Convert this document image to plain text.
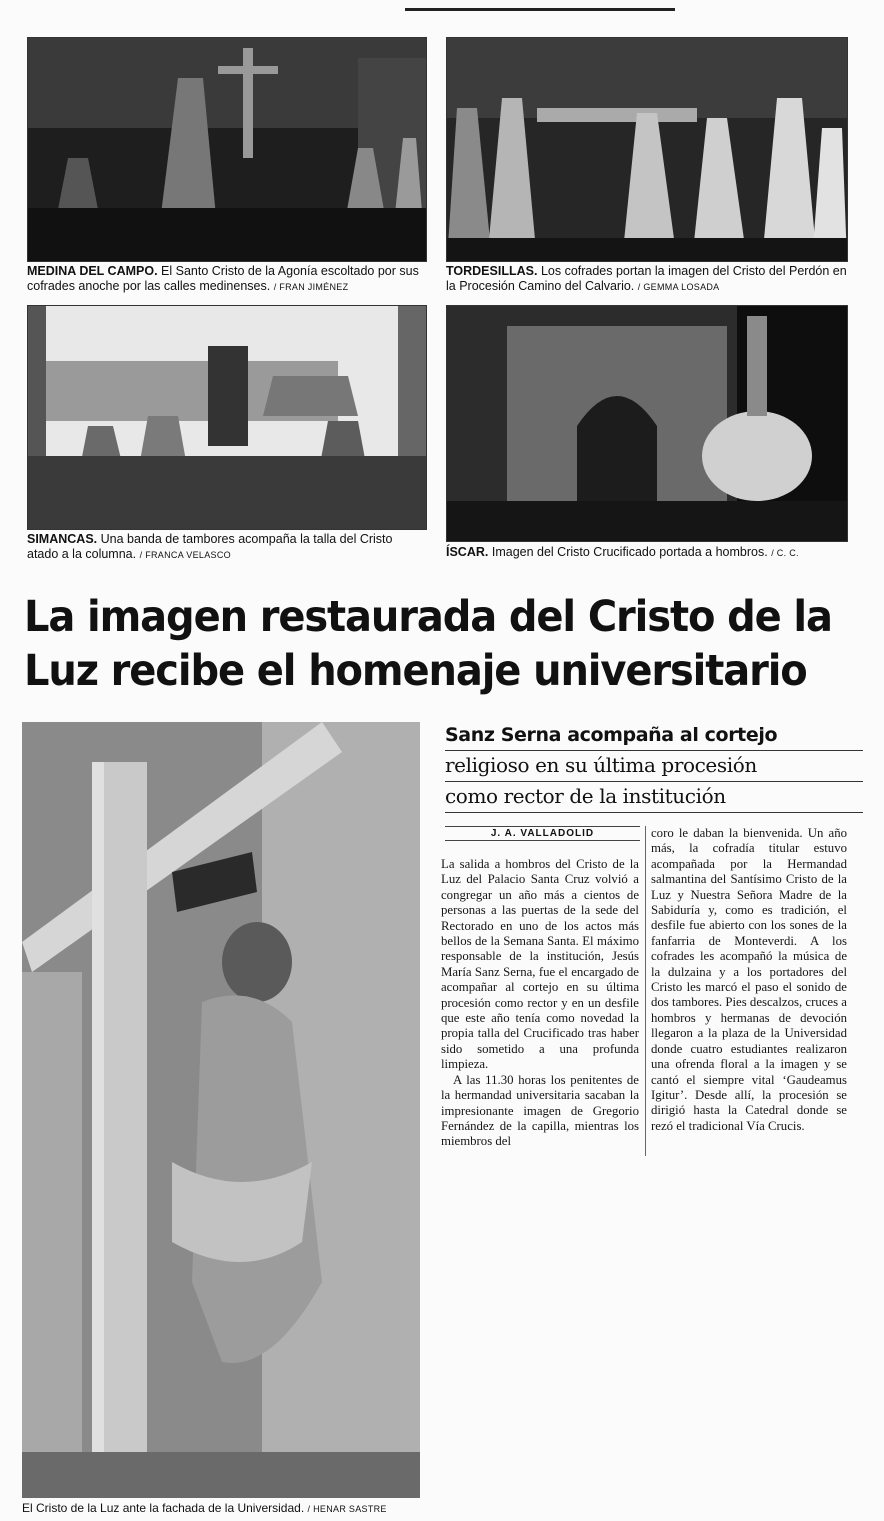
MEDINA DEL CAMPO. El Santo Cristo de la Agonía escoltado por sus cofrades anoche por las calles medinenses. / FRAN JIMÉNEZ
TORDESILLAS. Los cofrades portan la imagen del Cristo del Perdón en la Procesión Camino del Calvario. / GEMMA LOSADA
SIMANCAS. Una banda de tambores acompaña la talla del Cristo atado a la columna. / FRANCA VELASCO	ÍSCAR. Imagen del Cristo Crucificado portada a hombros. / C. C.
La imagen restaurada del Cristo de la
Luz recibe el homenaje universitario
El Cristo de la Luz ante la fachada de la Universidad. / HENAR SASTRE
Sanz Serna acompaña al cortejo
religioso en su última procesión
como rector de la institución
J. A. VALLADOLID

La salida a hombros del Cristo de la Luz del Palacio Santa Cruz volvió a congregar un año más a cientos de personas a las puertas de la sede del Rectorado en uno de los actos más bellos de la Semana Santa. El máximo responsable de la institución, Jesús María Sanz Serna, fue el encargado de acompañar al cortejo en su última procesión como rector y en un desfile que este año tenía como novedad la propia talla del Crucificado tras haber sido sometido a una profunda limpieza.

A las 11.30 horas los penitentes de la hermandad universitaria sacaban la impresionante imagen de Gregorio Fernández de la capilla, mientras los miembros del

coro le daban la bienvenida. Un año más, la cofradía titular estuvo acompañada por la Hermandad salmantina del Santísimo Cristo de la Luz y Nuestra Señora Madre de la Sabiduría y, como es tradición, el desfile fue abierto con los sones de la fanfarria de Monteverdi. A los cofrades les acompañó la música de la dulzaina y a los portadores del Cristo les marcó el paso el sonido de dos tambores. Pies descalzos, cruces a hombros y hermanas de devoción llegaron a la plaza de la Universidad donde cuatro estudiantes realizaron una ofrenda floral a la imagen y se cantó el siempre vital ‘Gaudeamus Igitur’. Desde allí, la procesión se dirigió hasta la Catedral donde se rezó el tradicional Vía Crucis.
